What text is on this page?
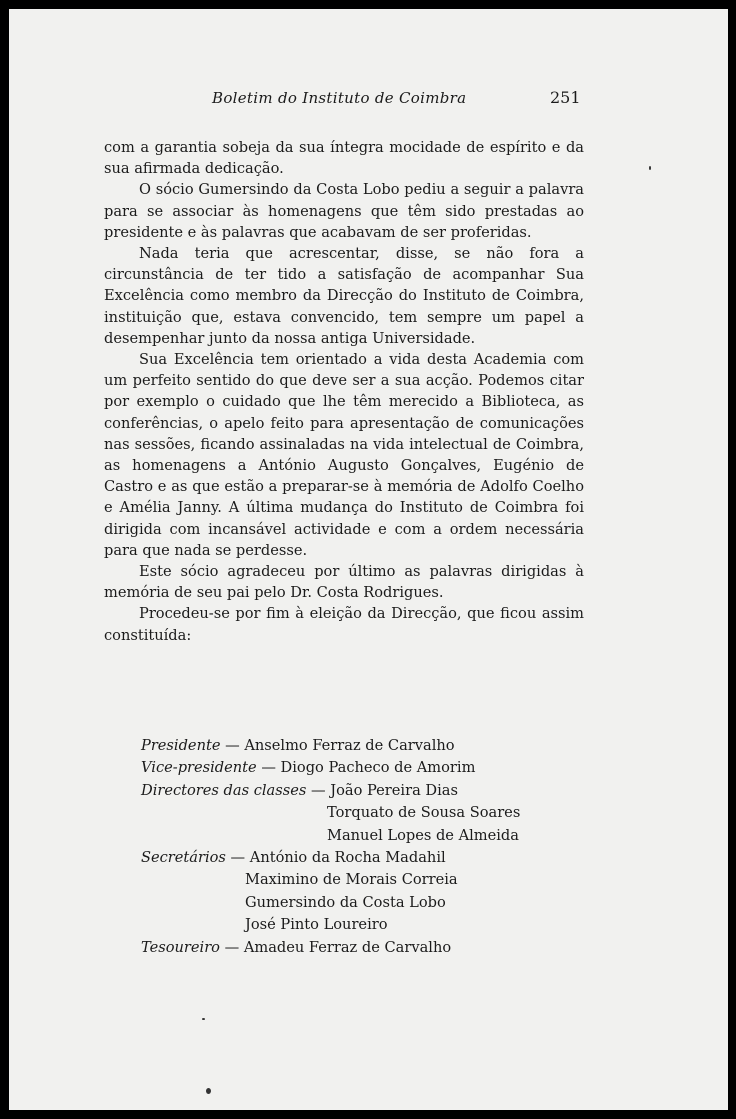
Boletim do Instituto de Coimbra	251

com a garantia sobeja da sua íntegra mocidade de espírito e da sua afirmada dedicação.

O sócio Gumersindo da Costa Lobo pediu a seguir a palavra para se associar às homenagens que têm sido prestadas ao presidente e às palavras que acabavam de ser proferidas.

Nada teria que acrescentar, disse, se não fora a circunstância de ter tido a satisfação de acompanhar Sua Excelência como membro da Direcção do Instituto de Coimbra, instituição que, estava convencido, tem sempre um papel a desempenhar junto da nossa antiga Universidade.

Sua Excelência tem orientado a vida desta Academia com um perfeito sentido do que deve ser a sua acção. Podemos citar por exemplo o cuidado que lhe têm merecido a Biblioteca, as conferências, o apelo feito para apresentação de comunicações nas sessões, ficando assinaladas na vida intelectual de Coimbra, as homenagens a António Augusto Gonçalves, Eugénio de Castro e as que estão a preparar-se à memória de Adolfo Coelho e Amélia Janny. A última mudança do Instituto de Coimbra foi dirigida com incansável actividade e com a ordem necessária para que nada se perdesse.

Este sócio agradeceu por último as palavras dirigidas à memória de seu pai pelo Dr. Costa Rodrigues.

Procedeu-se por fim à eleição da Direcção, que ficou assim constituída:

Presidente — Anselmo Ferraz de Carvalho
Vice-presidente — Diogo Pacheco de Amorim
Directores das classes — João Pereira Dias
Torquato de Sousa Soares
Manuel Lopes de Almeida
Secretários — António da Rocha Madahil
Maximino de Morais Correia
Gumersindo da Costa Lobo
José Pinto Loureiro
Tesoureiro — Amadeu Ferraz de Carvalho
